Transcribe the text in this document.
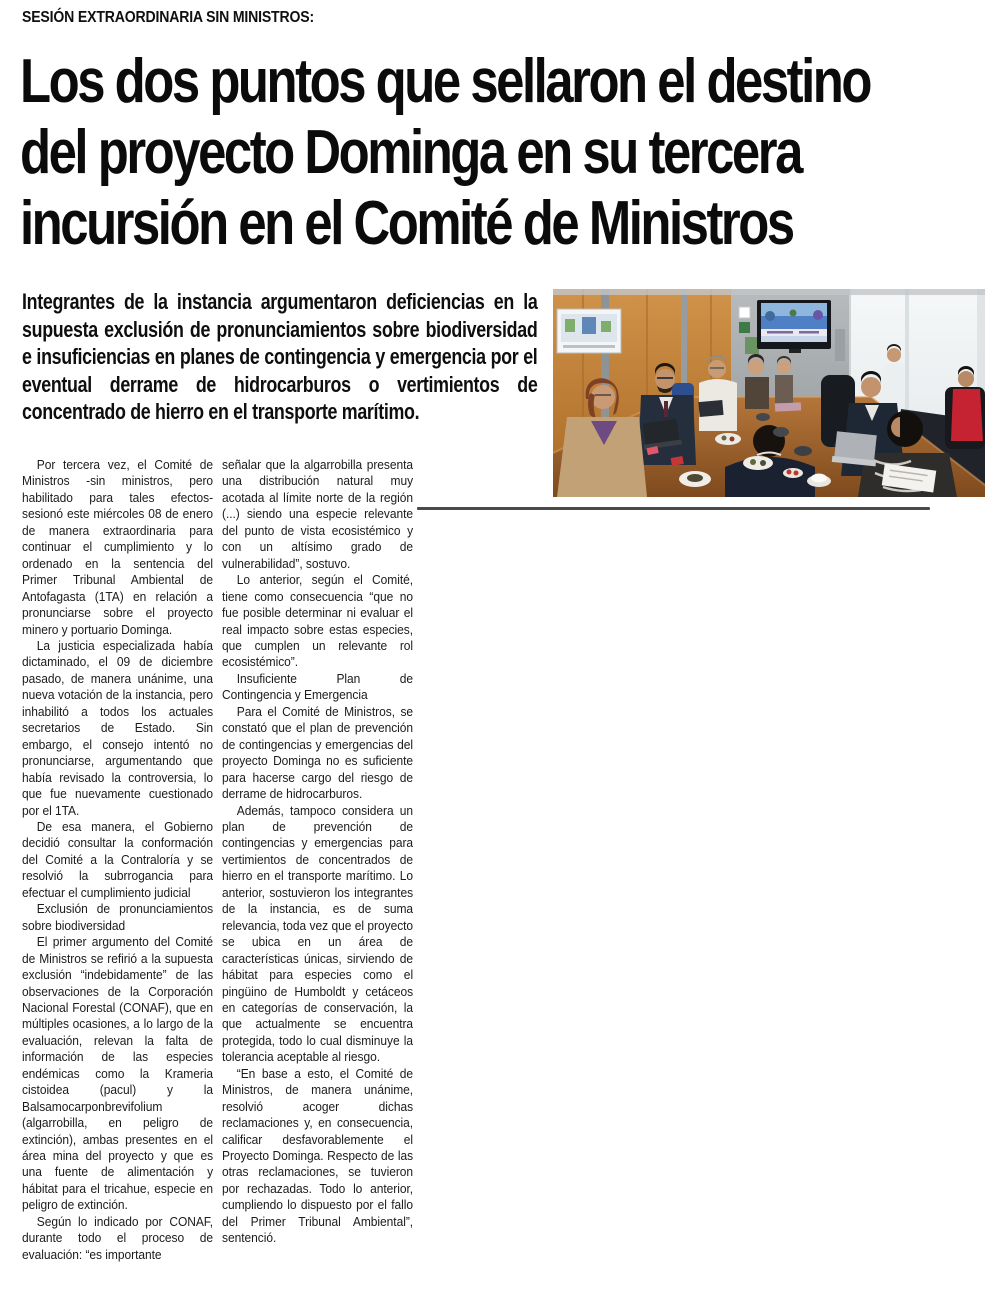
SESIÓN EXTRAORDINARIA SIN MINISTROS:
Los dos puntos que sellaron el destino
del proyecto Dominga en su tercera
incursión en el Comité de Ministros
Integrantes de la instancia argumentaron deficiencias en la supuesta exclusión de pronunciamientos sobre biodiversidad e insuficiencias en planes de contingencia y emergencia por el eventual derrame de hidrocarburos o vertimientos de concentrado de hierro en el transporte marítimo.

Por tercera vez, el Comité de Ministros -sin ministros, pero habilitado para tales efectos- sesionó este miércoles 08 de enero de manera extraordinaria para continuar el cumplimiento y lo ordenado en la sentencia del Primer Tribunal Ambiental de Antofagasta (1TA) en relación a pronunciarse sobre el proyecto minero y portuario Dominga.

La justicia especializada había dictaminado, el 09 de diciembre pasado, de manera unánime, una nueva votación de la instancia, pero inhabilitó a todos los actuales secretarios de Estado. Sin embargo, el consejo intentó no pronunciarse, argumentando que había revisado la controversia, lo que fue nuevamente cuestionado por el 1TA.

De esa manera, el Gobierno decidió consultar la conformación del Comité a la Contraloría y se resolvió la subrrogancia para efectuar el cumplimiento judicial

Exclusión de pronunciamientos sobre biodiversidad

El primer argumento del Comité de Ministros se refirió a la supuesta exclusión “indebidamente” de las observaciones de la Corporación Nacional Forestal (CONAF), que en múltiples ocasiones, a lo largo de la evaluación, relevan la falta de información de las especies endémicas como la Krameria cistoidea (pacul) y la Balsamocarponbrevifolium (algarrobilla, en peligro de extinción), ambas presentes en el área mina del proyecto y que es una fuente de alimentación y hábitat para el tricahue, especie en peligro de extinción.

Según lo indicado por CONAF, durante todo el proceso de evaluación: “es importante

señalar que la algarrobilla presenta una distribución natural muy acotada al límite norte de la región (...) siendo una especie relevante del punto de vista ecosistémico y con un altísimo grado de vulnerabilidad”, sostuvo.

Lo anterior, según el Comité, tiene como consecuencia “que no fue posible determinar ni evaluar el real impacto sobre estas especies, que cumplen un relevante rol ecosistémico”.

Insuficiente Plan de Contingencia y Emergencia

Para el Comité de Ministros, se constató que el plan de prevención de contingencias y emergencias del proyecto Dominga no es suficiente para hacerse cargo del riesgo de derrame de hidrocarburos.

Además, tampoco considera un plan de prevención de contingencias y emergencias para vertimientos de concentrados de hierro en el transporte marítimo. Lo anterior, sostuvieron los integrantes de la instancia, es de suma relevancia, toda vez que el proyecto se ubica en un área de características únicas, sirviendo de hábitat para especies como el pingüino de Humboldt y cetáceos en categorías de conservación, la que actualmente se encuentra protegida, todo lo cual disminuye la tolerancia aceptable al riesgo.

“En base a esto, el Comité de Ministros, de manera unánime, resolvió acoger dichas reclamaciones y, en consecuencia, calificar desfavorablemente el Proyecto Dominga. Respecto de las otras reclamaciones, se tuvieron por rechazadas. Todo lo anterior, cumpliendo lo dispuesto por el fallo del Primer Tribunal Ambiental”, sentenció.
